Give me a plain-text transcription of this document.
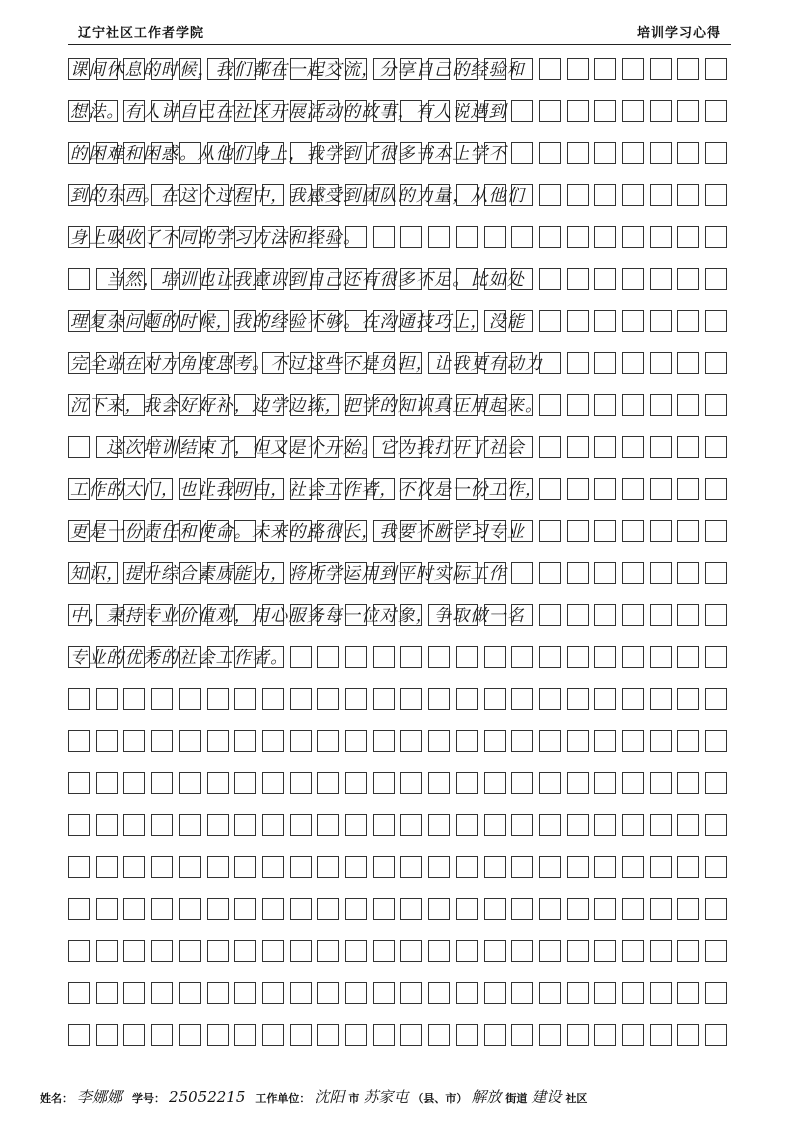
辽宁社区工作者学院	培训学习心得
课间休息的时候，我们都在一起交流，分享自己的经验和
想法。有人讲自己在社区开展活动的故事，有人说遇到
的困难和困惑。从他们身上，我学到了很多书本上学不
到的东西。在这个过程中，我感受到团队的力量，从他们
身上吸收了不同的学习方法和经验。
　　当然，培训也让我意识到自己还有很多不足。比如处
理复杂问题的时候，我的经验不够。在沟通技巧上，没能
完全站在对方角度思考。不过这些不是负担，让我更有动力
沉下来，我会好好补，边学边练，把学的知识真正用起来。
　　这次培训结束了，但又是个开始。它为我打开了社会
工作的大门，也让我明白，社会工作者，不仅是一份工作，
更是一份责任和使命。未来的路很长，我要不断学习专业
知识，提升综合素质能力，将所学运用到平时实际工作
中，秉持专业价值观，用心服务每一位对象，争取做一名
专业的优秀的社会工作者。
姓名： 李娜娜 学号： 25052215 工作单位： 沈阳 市 苏家屯 （县、市） 解放 街道 建设 社区
